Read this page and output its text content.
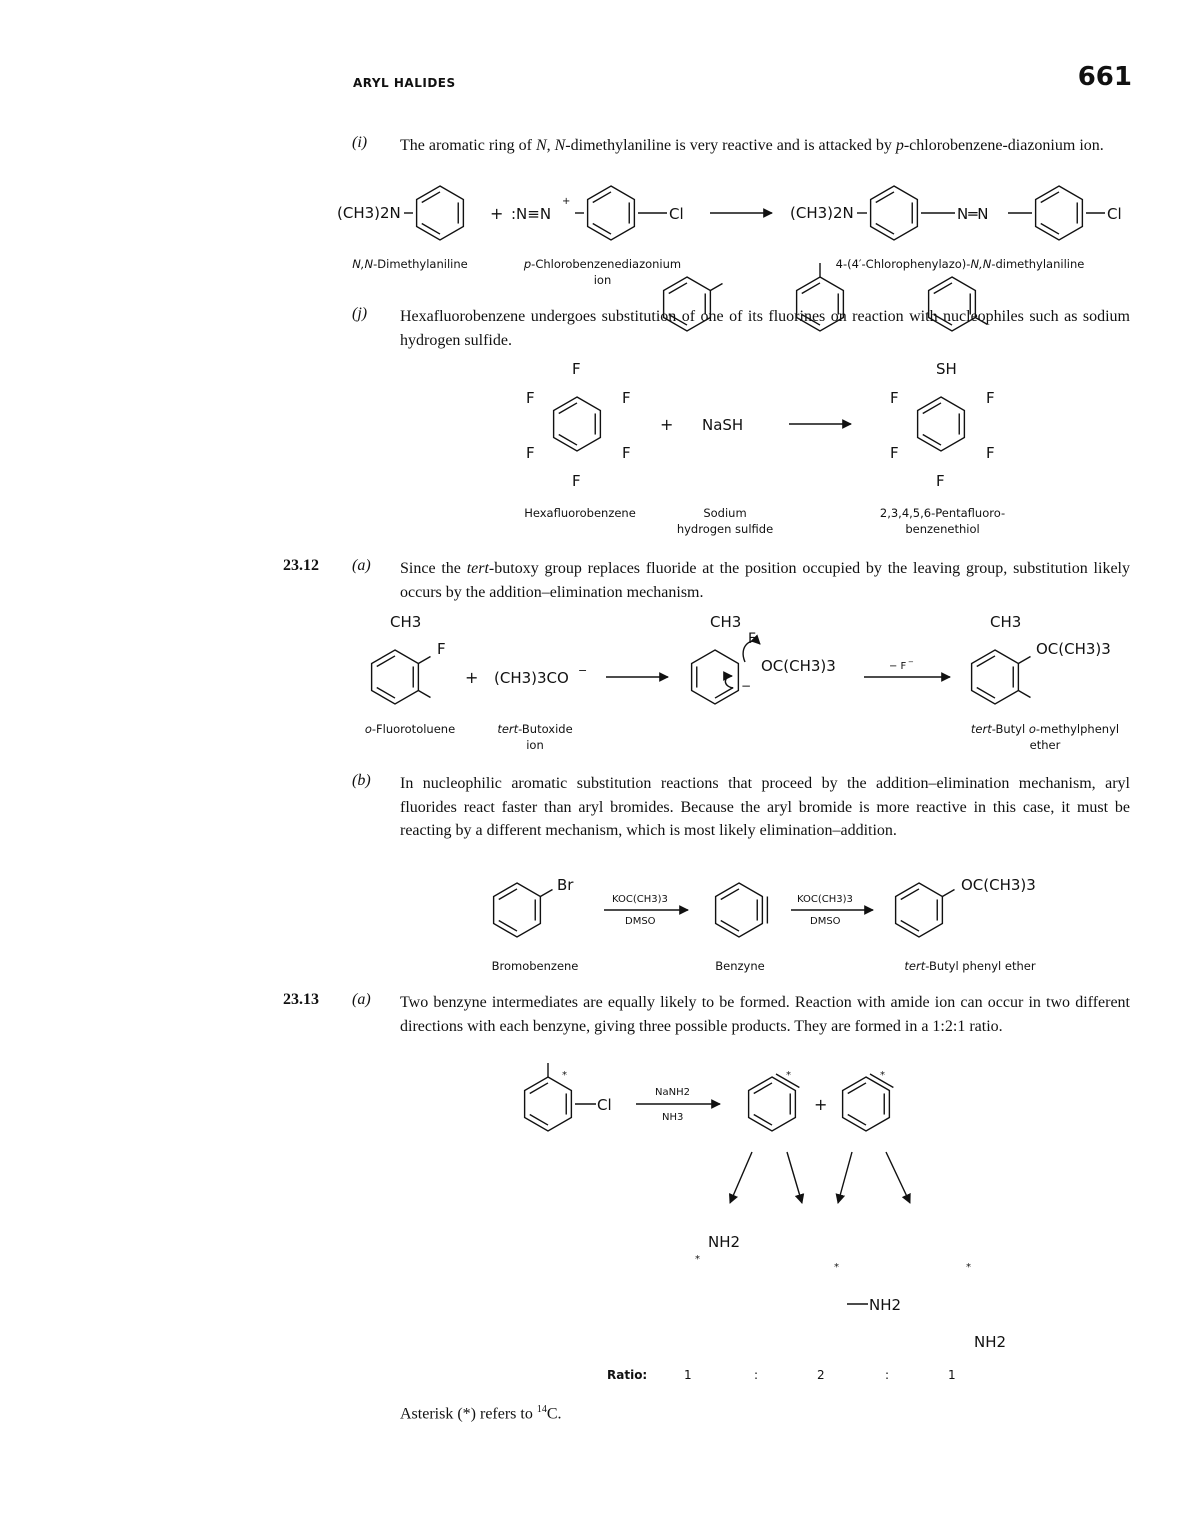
ARYL HALIDES	661
(i) The aromatic ring of N, N-dimethylaniline is very reactive and is attacked by p-chlorobenzene-diazonium ion.
(j) Hexafluorobenzene undergoes substitution of one of its fluorines on reaction with nucleophiles such as sodium hydrogen sulfide.
23.12 (a) Since the tert-butoxy group replaces fluoride at the position occupied by the leaving group, substitution likely occurs by the addition–elimination mechanism.
(b) In nucleophilic aromatic substitution reactions that proceed by the addition–elimination mechanism, aryl fluorides react faster than aryl bromides. Because the aryl bromide is more reactive in this case, it must be reacting by a different mechanism, which is most likely elimination–addition.
23.13 (a) Two benzyne intermediates are equally likely to be formed. Reaction with amide ion can occur in two different directions with each benzyne, giving three possible products. They are formed in a 1:2:1 ratio.
N,N-Dimethylaniline	p-Chlorobenzenediazonium
ion
4-(4′-Chlorophenylazo)-N,N-dimethylaniline
Hexafluorobenzene	Sodium
hydrogen sulfide
2,3,4,5,6-Pentafluoro-
benzenethiol
o-Fluorotoluene	tert-Butoxide
ion
tert-Butyl o-methylphenyl
ether
Bromobenzene	Benzyne	tert-Butyl phenyl ether
Ratio:	1	:	2	:	1
Asterisk (*) refers to $^{14}$C.
(CH3)2N	+ :N≡N
+
Cl	(CH3)2N	N═N	Cl
F
F	F
F	F
F
+ NaSH
SH
F	F
F	F
F
CH3
F
+ (CH3)3CO −
CH3
F
OC(CH3)3
−
− F −
CH3
OC(CH3)3
Br
KOC(CH3)3
DMSO
KOC(CH3)3
DMSO
OC(CH3)3
Cl
*
NaNH2
NH3
*
+
*
NH2
*
NH2
*
NH2
*
